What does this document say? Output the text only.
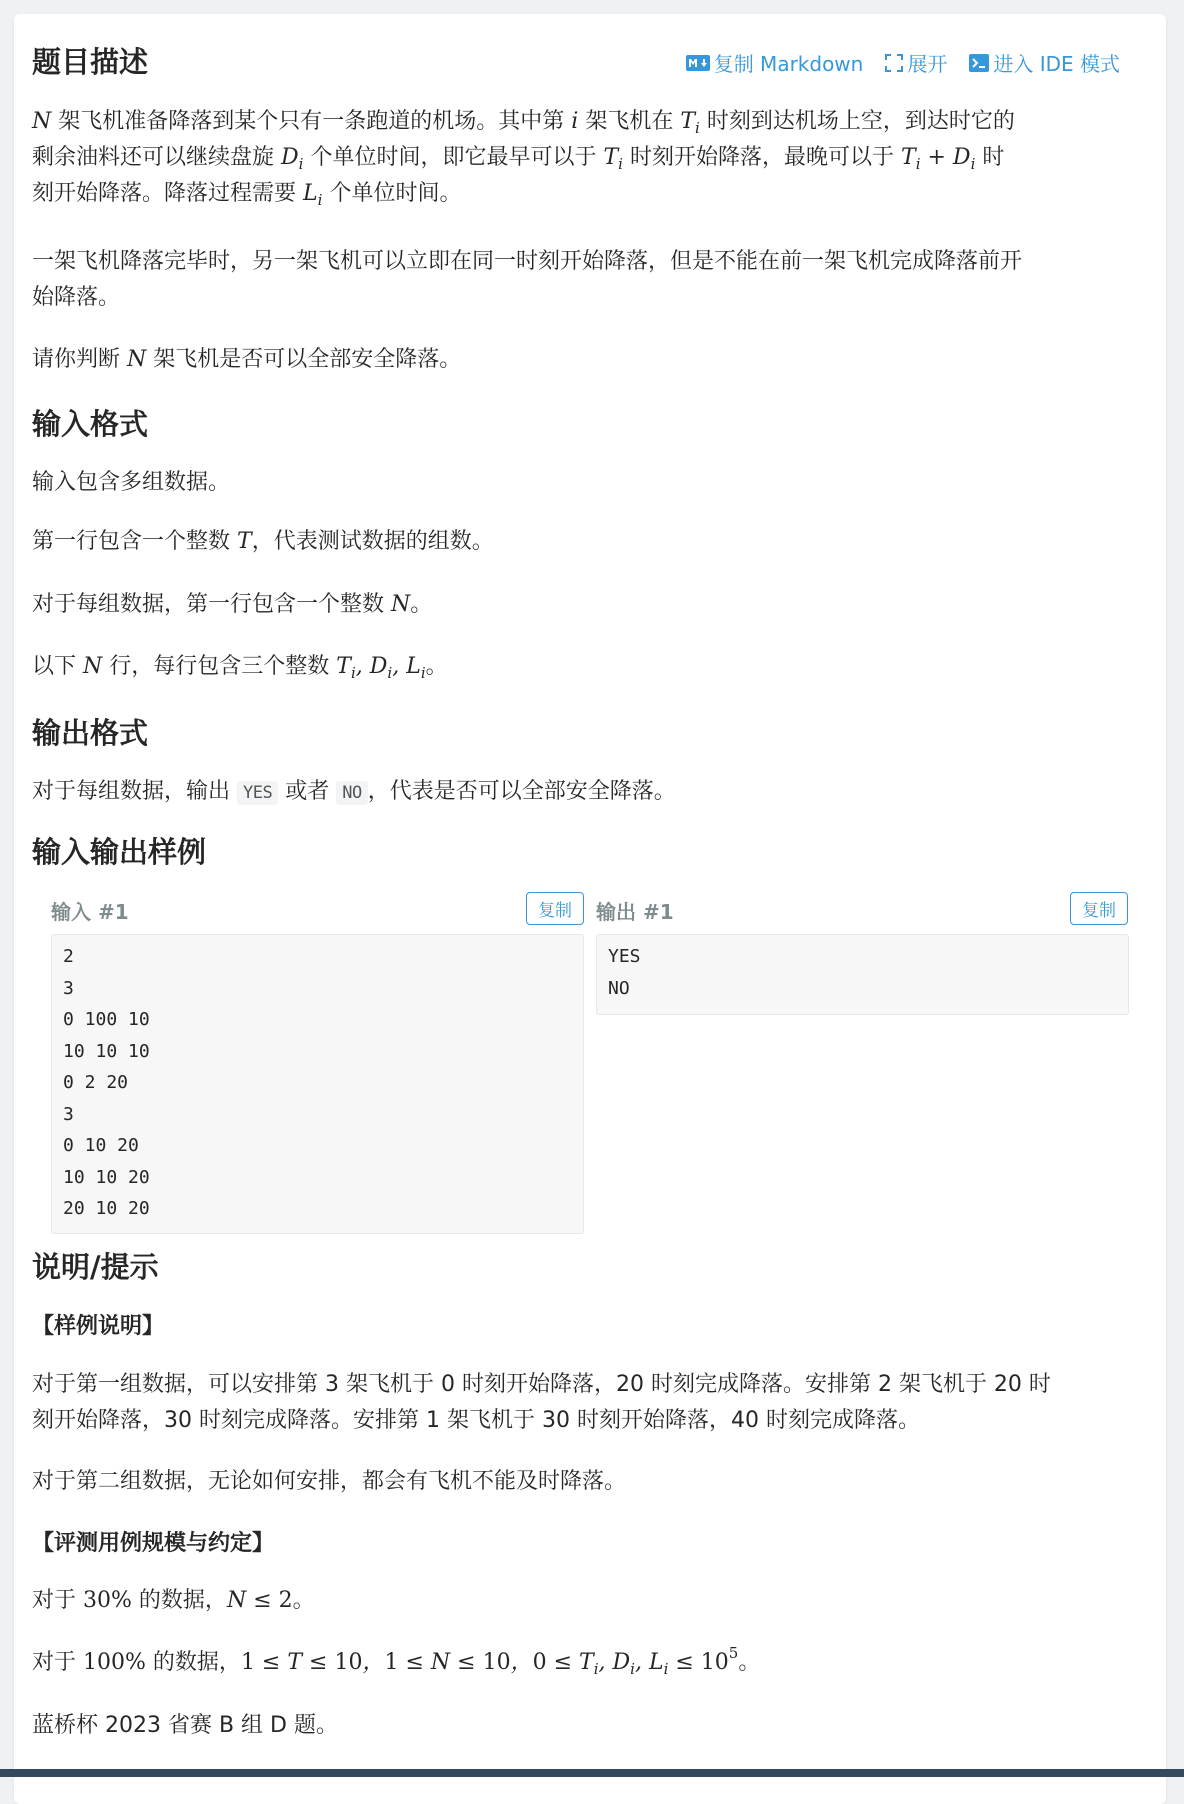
题目描述	复制 Markdown 展开 进入 IDE 模式
N 架飞机准备降落到某个只有一条跑道的机场。其中第 i 架飞机在 $T_i$ 时刻到达机场上空，到达时它的
剩余油料还可以继续盘旋 $D_i$ 个单位时间，即它最早可以于 $T_i$ 时刻开始降落，最晚可以于 $T_i + D_i$ 时
刻开始降落。降落过程需要 $L_i$ 个单位时间。
一架飞机降落完毕时，另一架飞机可以立即在同一时刻开始降落，但是不能在前一架飞机完成降落前开
始降落。
请你判断 N 架飞机是否可以全部安全降落。
输入格式
输入包含多组数据。
第一行包含一个整数 T，代表测试数据的组数。
对于每组数据，第一行包含一个整数 N。
以下 N 行，每行包含三个整数 $T_i$, $D_i$, $L_i$。
输出格式
对于每组数据，输出 YES 或者 NO ，代表是否可以全部安全降落。
输入输出样例
输入 #1	复制
2
3
0 100 10
10 10 10
0 2 20
3
0 10 20
10 10 20
20 10 20
输出 #1	复制
YES
NO
说明/提示
【样例说明】
对于第一组数据，可以安排第 3 架飞机于 0 时刻开始降落，20 时刻完成降落。安排第 2 架飞机于 20 时
刻开始降落，30 时刻完成降落。安排第 1 架飞机于 30 时刻开始降落，40 时刻完成降落。
对于第二组数据，无论如何安排，都会有飞机不能及时降落。
【评测用例规模与约定】
对于 30% 的数据，N ≤ 2。
对于 100% 的数据，1 ≤ T ≤ 10，1 ≤ N ≤ 10，$0 \le T_i$, $D_i$, $L_i \le 10^5$。
蓝桥杯 2023 省赛 B 组 D 题。
